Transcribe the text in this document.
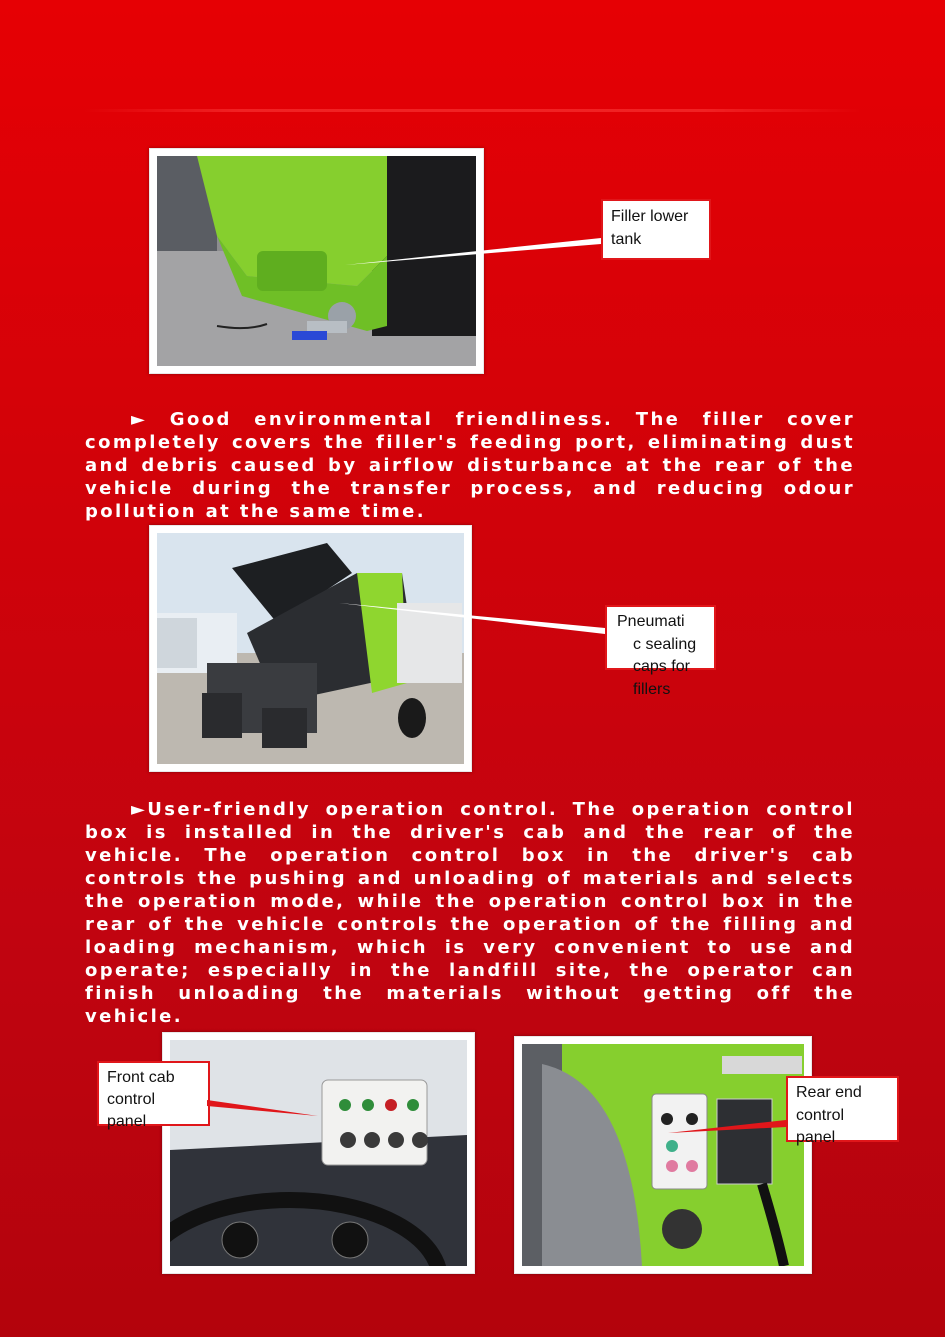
Filler lower tank
Pneumati
c sealing
caps for
fillers

► Good environmental friendliness. The filler cover completely covers the filler's feeding port, eliminating dust and debris caused by airflow disturbance at the rear of the vehicle during the transfer process, and reducing odour pollution at the same time.

►User-friendly operation control. The operation control box is installed in the driver's cab and the rear of the vehicle. The operation control box in the driver's cab controls the pushing and unloading of materials and selects the operation mode, while the operation control box in the rear of the vehicle controls the operation of the filling and loading mechanism, which is very convenient to use and operate; especially in the landfill site, the operator can finish unloading the materials without getting off the vehicle.

Front cab
control
panel
Rear end
control
panel
